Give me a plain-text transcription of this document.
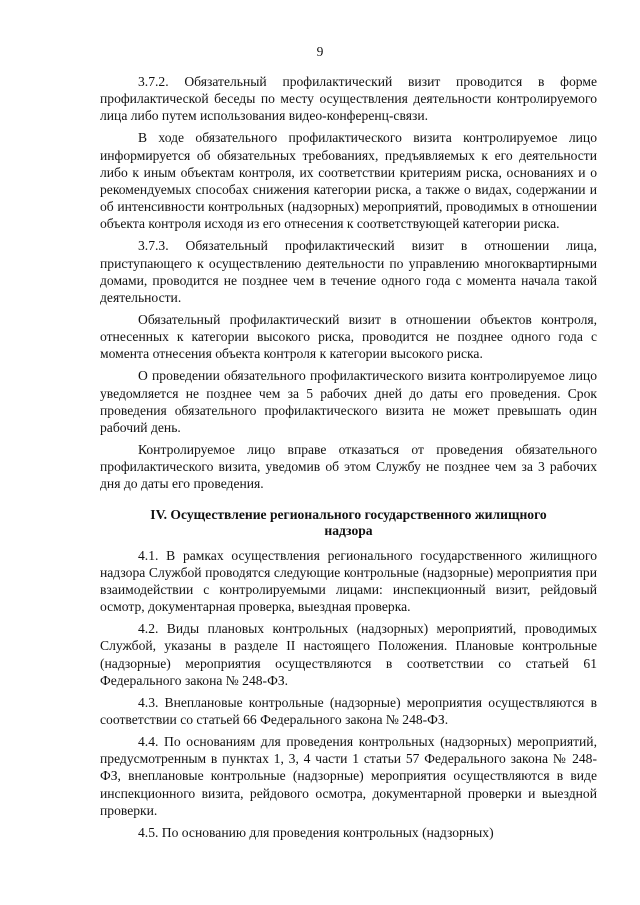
9

3.7.2. Обязательный профилактический визит проводится в форме профилактической беседы по месту осуществления деятельности контролируемого лица либо путем использования видео-конференц-связи.

В ходе обязательного профилактического визита контролируемое лицо информируется об обязательных требованиях, предъявляемых к его деятельности либо к иным объектам контроля, их соответствии критериям риска, основаниях и о рекомендуемых способах снижения категории риска, а также о видах, содержании и об интенсивности контрольных (надзорных) мероприятий, проводимых в отношении объекта контроля исходя из его отнесения к соответствующей категории риска.

3.7.3. Обязательный профилактический визит в отношении лица, приступающего к осуществлению деятельности по управлению многоквартирными домами, проводится не позднее чем в течение одного года с момента начала такой деятельности.

Обязательный профилактический визит в отношении объектов контроля, отнесенных к категории высокого риска, проводится не позднее одного года с момента отнесения объекта контроля к категории высокого риска.

О проведении обязательного профилактического визита контролируемое лицо уведомляется не позднее чем за 5 рабочих дней до даты его проведения. Срок проведения обязательного профилактического визита не может превышать один рабочий день.

Контролируемое лицо вправе отказаться от проведения обязательного профилактического визита, уведомив об этом Службу не позднее чем за 3 рабочих дня до даты его проведения.

IV. Осуществление регионального государственного жилищного надзора

4.1. В рамках осуществления регионального государственного жилищного надзора Службой проводятся следующие контрольные (надзорные) мероприятия при взаимодействии с контролируемыми лицами: инспекционный визит, рейдовый осмотр, документарная проверка, выездная проверка.

4.2. Виды плановых контрольных (надзорных) мероприятий, проводимых Службой, указаны в разделе II настоящего Положения. Плановые контрольные (надзорные) мероприятия осуществляются в соответствии со статьей 61 Федерального закона № 248-ФЗ.

4.3. Внеплановые контрольные (надзорные) мероприятия осуществляются в соответствии со статьей 66 Федерального закона № 248-ФЗ.

4.4. По основаниям для проведения контрольных (надзорных) мероприятий, предусмотренным в пунктах 1, 3, 4 части 1 статьи 57 Федерального закона № 248-ФЗ, внеплановые контрольные (надзорные) мероприятия осуществляются в виде инспекционного визита, рейдового осмотра, документарной проверки и выездной проверки.

4.5. По основанию для проведения контрольных (надзорных)
